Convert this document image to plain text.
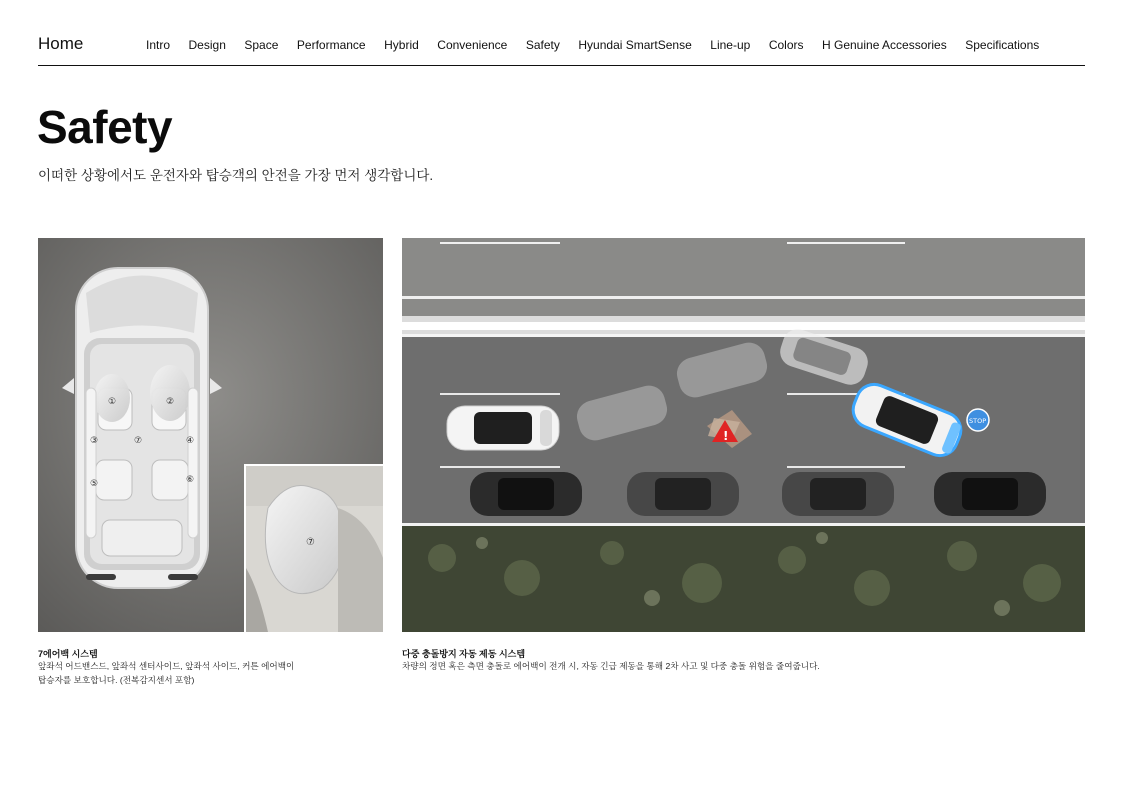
Home	Intro Design Space Performance Hybrid Convenience Safety Hyundai SmartSense Line-up Colors H Genuine Accessories Specifications
Safety
이떠한 상황에서도 운전자와 탑승객의 안전을 가장 먼저 생각합니다.
①	②
③	④
⑤	⑥
⑦
⑦
!
STOP
7에어백 시스템
앞좌석 어드밴스드, 앞좌석 센터사이드, 앞좌석 사이드, 커튼 에어백이
탑승자를 보호합니다. (전복감지센서 포함)
다중 충돌방지 자동 제동 시스템
차량의 정면 혹은 측면 충돌로 에어백이 전개 시, 자동 긴급 제동을 통해 2차 사고 및 다중 충돌 위험을 줄여줍니다.
